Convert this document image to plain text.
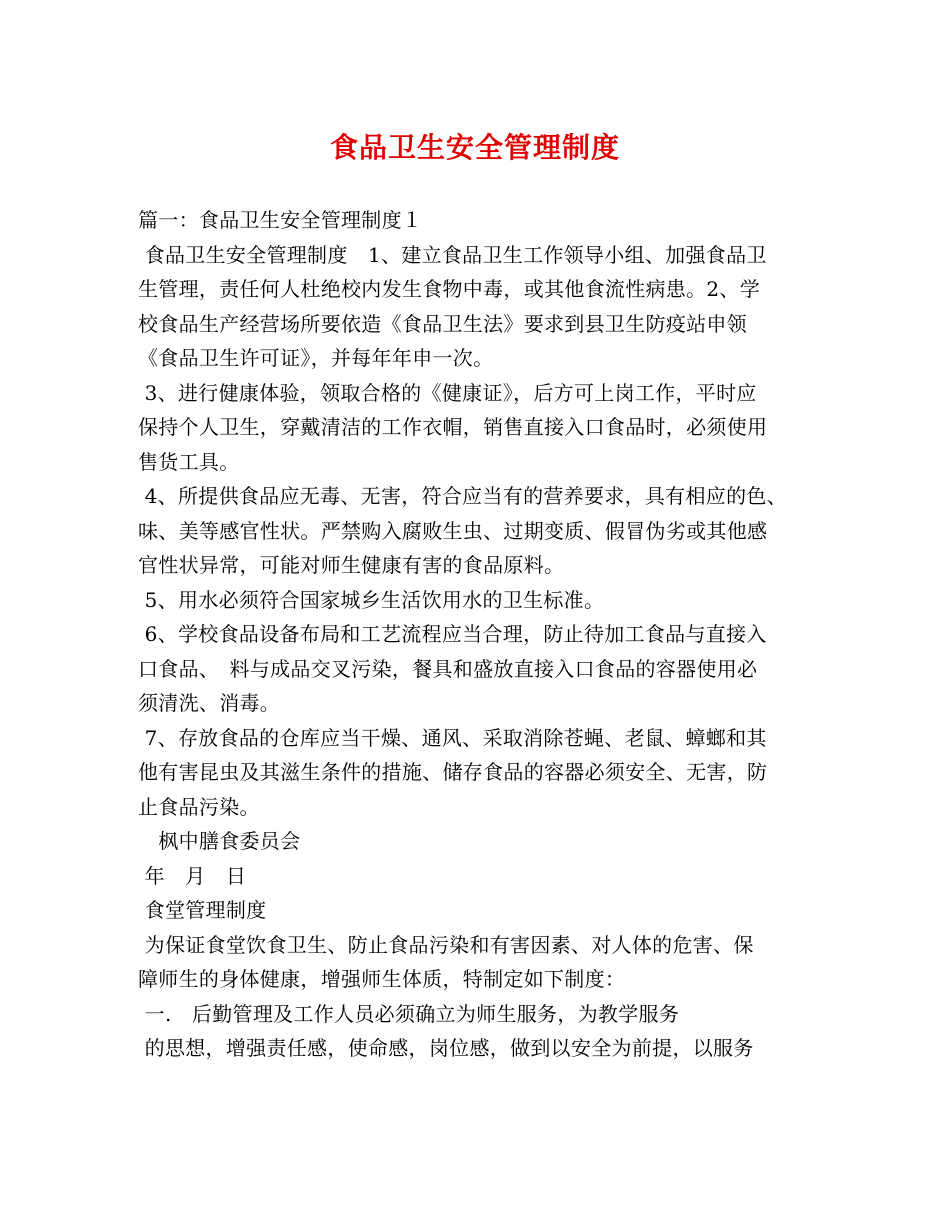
食品卫生安全管理制度
篇一：食品卫生安全管理制度１
食品卫生安全管理制度　1、建立食品卫生工作领导小组、加强食品卫
生管理，责任何人杜绝校内发生食物中毒，或其他食流性病患。2、学
校食品生产经营场所要依造《食品卫生法》要求到县卫生防疫站申领
《食品卫生许可证》，并每年年申一次。
3、进行健康体验，领取合格的《健康证》，后方可上岗工作，平时应
保持个人卫生，穿戴清洁的工作衣帽，销售直接入口食品时，必须使用
售货工具。
4、所提供食品应无毒、无害，符合应当有的营养要求，具有相应的色、
味、美等感官性状。严禁购入腐败生虫、过期变质、假冒伪劣或其他感
官性状异常，可能对师生健康有害的食品原料。
5、用水必须符合国家城乡生活饮用水的卫生标准。
6、学校食品设备布局和工艺流程应当合理，防止待加工食品与直接入
口食品、　料与成品交叉污染，餐具和盛放直接入口食品的容器使用必
须清洗、消毒。
7、存放食品的仓库应当干燥、通风、采取消除苍蝇、老鼠、蟑螂和其
他有害昆虫及其滋生条件的措施、储存食品的容器必须安全、无害，防
止食品污染。
　枫中膳食委员会
年　月　日
食堂管理制度
为保证食堂饮食卫生、防止食品污染和有害因素、对人体的危害、保
障师生的身体健康，增强师生体质，特制定如下制度：
一.　后勤管理及工作人员必须确立为师生服务，为教学服务
的思想，增强责任感，使命感，岗位感，做到以安全为前提，以服务
